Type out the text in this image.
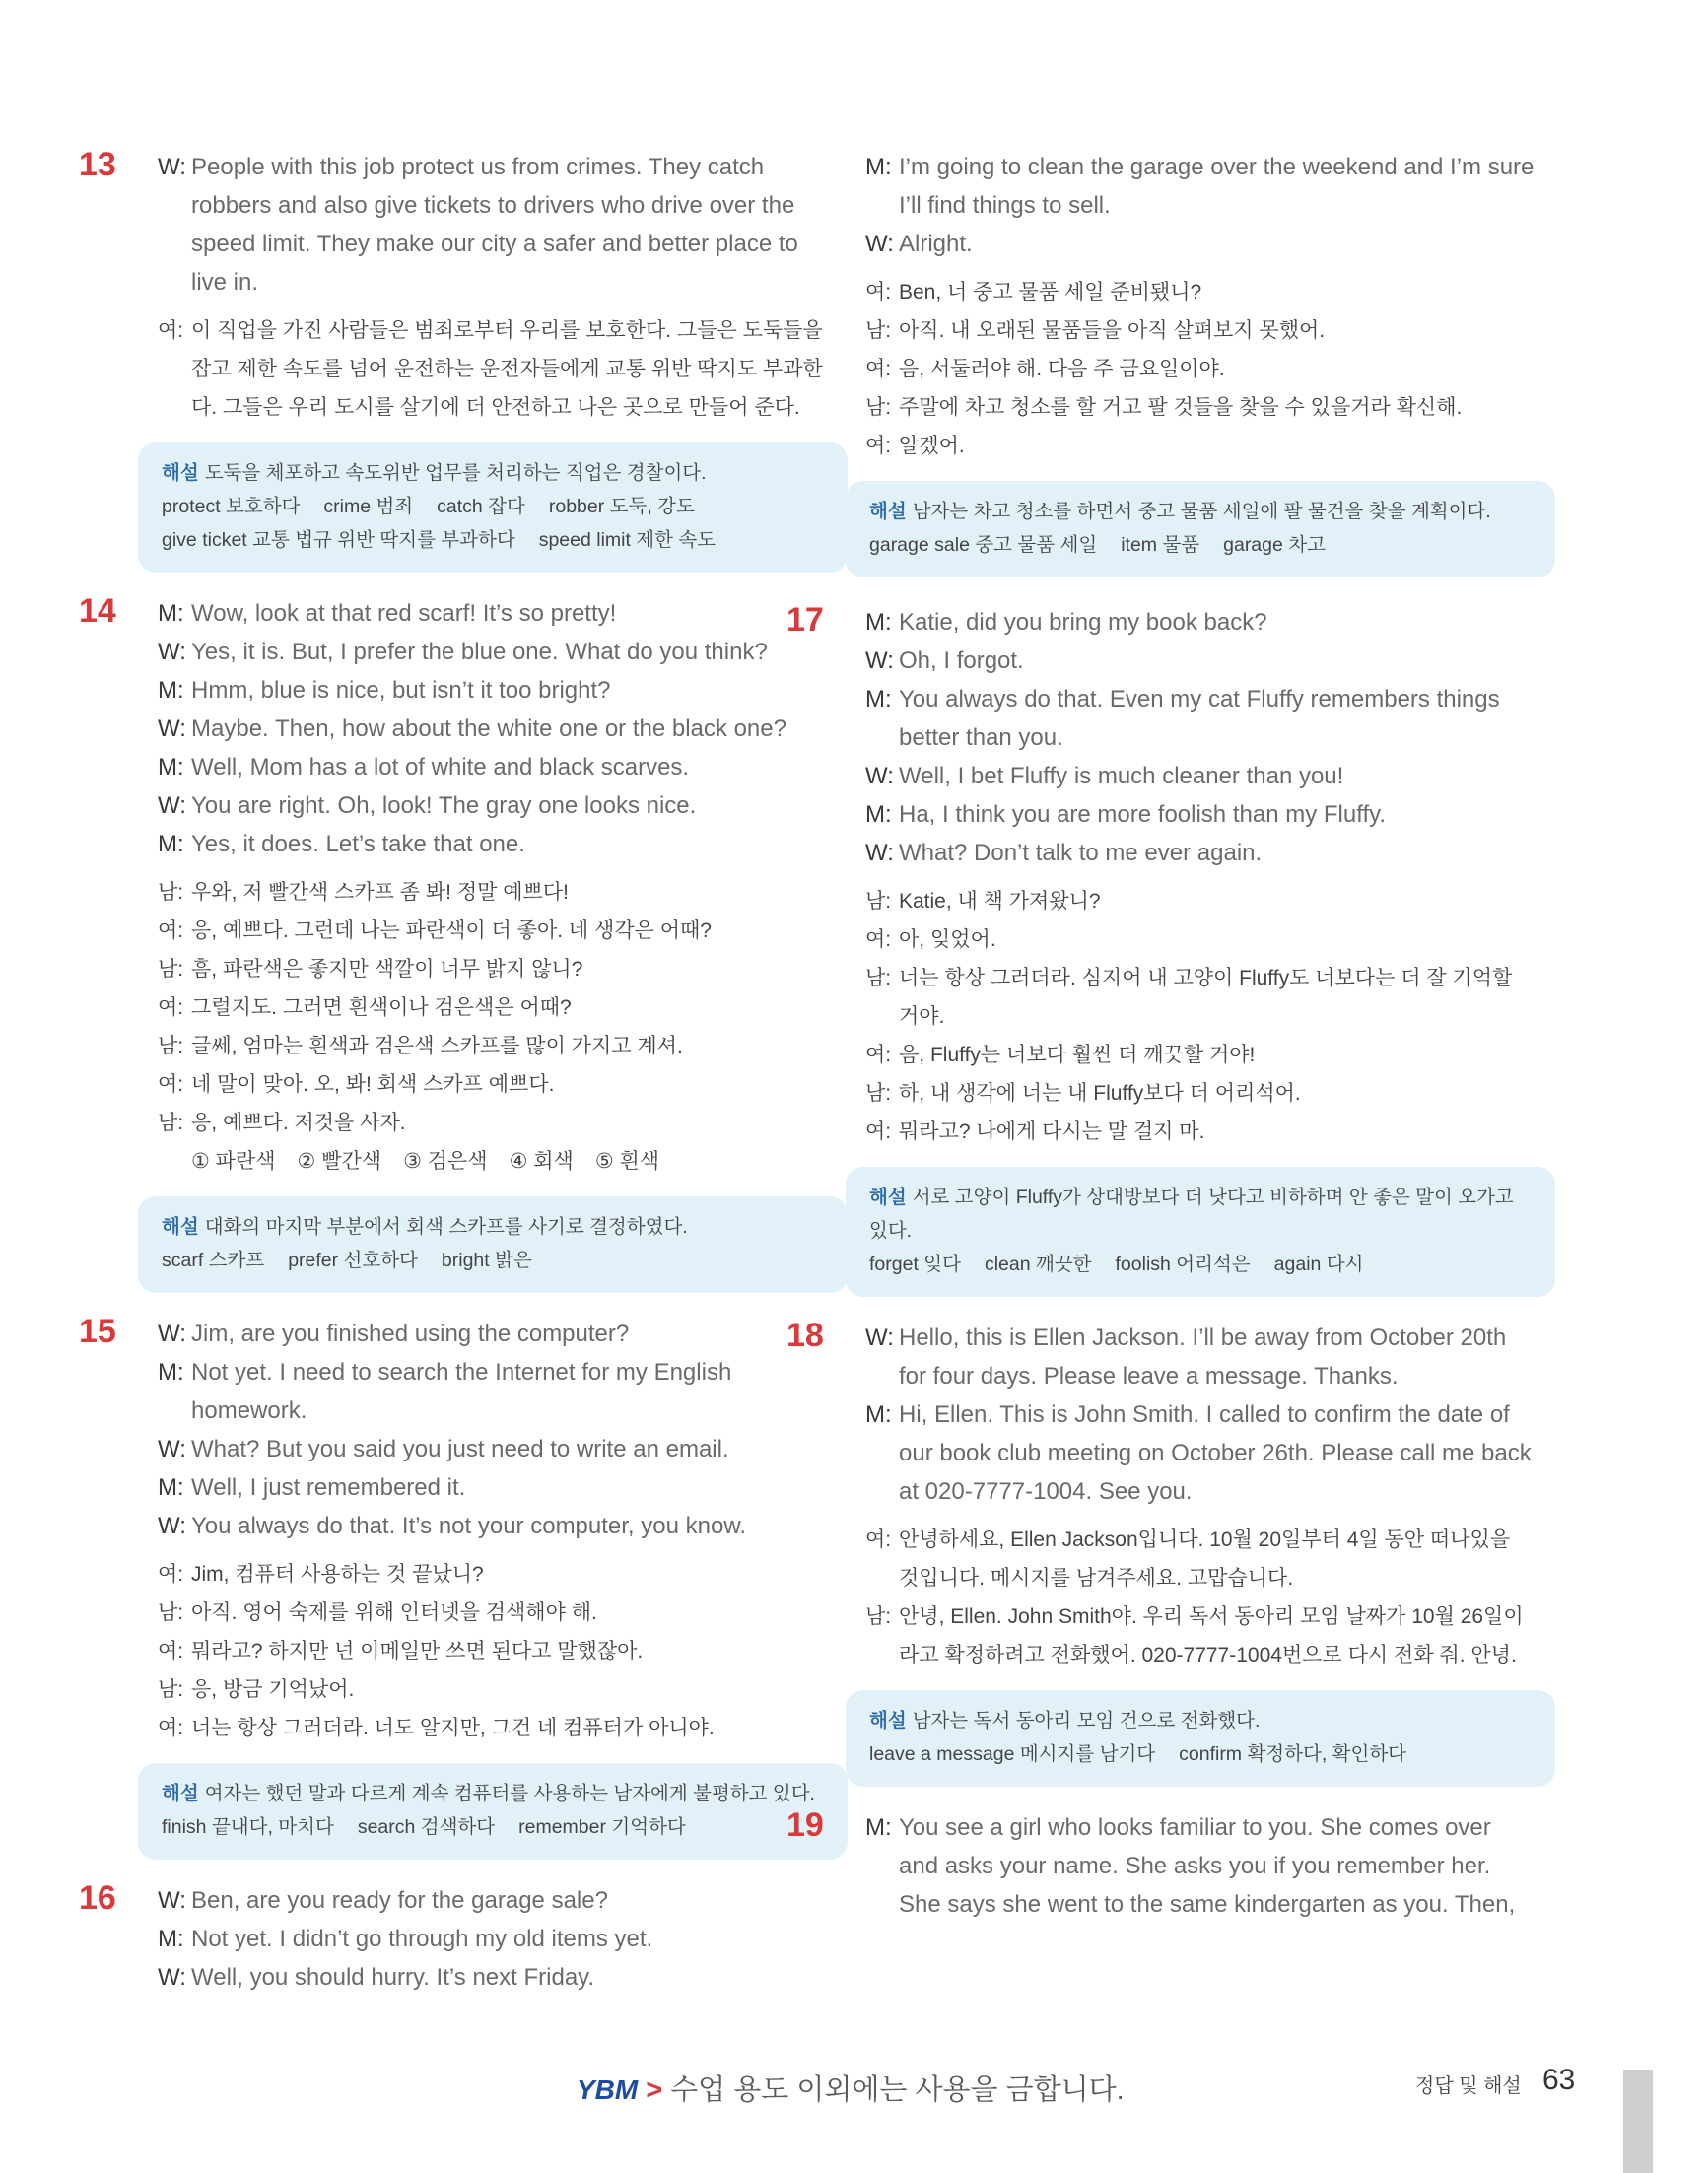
13	W: People with this job protect us from crimes. They catch robbers and also give tickets to drivers who drive over the speed limit. They make our city a safer and better place to live in.
여: 이 직업을 가진 사람들은 범죄로부터 우리를 보호한다. 그들은 도둑들을 잡고 제한 속도를 넘어 운전하는 운전자들에게 교통 위반 딱지도 부과한다. 그들은 우리 도시를 살기에 더 안전하고 나은 곳으로 만들어 준다.
해설 도둑을 체포하고 속도위반 업무를 처리하는 직업은 경찰이다.
protect 보호하다 crime 범죄 catch 잡다 robber 도둑, 강도
give ticket 교통 법규 위반 딱지를 부과하다 speed limit 제한 속도
14	M: Wow, look at that red scarf! It’s so pretty!
W: Yes, it is. But, I prefer the blue one. What do you think?
M: Hmm, blue is nice, but isn’t it too bright?
W: Maybe. Then, how about the white one or the black one?
M: Well, Mom has a lot of white and black scarves.
W: You are right. Oh, look! The gray one looks nice.
M: Yes, it does. Let’s take that one.
남: 우와, 저 빨간색 스카프 좀 봐! 정말 예쁘다!
여: 응, 예쁘다. 그런데 나는 파란색이 더 좋아. 네 생각은 어때?
남: 흠, 파란색은 좋지만 색깔이 너무 밝지 않니?
여: 그럴지도. 그러면 흰색이나 검은색은 어때?
남: 글쎄, 엄마는 흰색과 검은색 스카프를 많이 가지고 계셔.
여: 네 말이 맞아. 오, 봐! 회색 스카프 예쁘다.
남: 응, 예쁘다. 저것을 사자.
① 파란색 ② 빨간색 ③ 검은색 ④ 회색 ⑤ 흰색
해설 대화의 마지막 부분에서 회색 스카프를 사기로 결정하였다.
scarf 스카프 prefer 선호하다 bright 밝은
15	W: Jim, are you finished using the computer?
M: Not yet. I need to search the Internet for my English homework.
W: What? But you said you just need to write an email.
M: Well, I just remembered it.
W: You always do that. It’s not your computer, you know.
여: Jim, 컴퓨터 사용하는 것 끝났니?
남: 아직. 영어 숙제를 위해 인터넷을 검색해야 해.
여: 뭐라고? 하지만 넌 이메일만 쓰면 된다고 말했잖아.
남: 응, 방금 기억났어.
여: 너는 항상 그러더라. 너도 알지만, 그건 네 컴퓨터가 아니야.
해설 여자는 했던 말과 다르게 계속 컴퓨터를 사용하는 남자에게 불평하고 있다.
finish 끝내다, 마치다 search 검색하다 remember 기억하다
16	W: Ben, are you ready for the garage sale?
M: Not yet. I didn’t go through my old items yet.
W: Well, you should hurry. It’s next Friday.
M: I’m going to clean the garage over the weekend and I’m sure I’ll find things to sell.
W: Alright.
여: Ben, 너 중고 물품 세일 준비됐니?
남: 아직. 내 오래된 물품들을 아직 살펴보지 못했어.
여: 음, 서둘러야 해. 다음 주 금요일이야.
남: 주말에 차고 청소를 할 거고 팔 것들을 찾을 수 있을거라 확신해.
여: 알겠어.
해설 남자는 차고 청소를 하면서 중고 물품 세일에 팔 물건을 찾을 계획이다.
garage sale 중고 물품 세일 item 물품 garage 차고
17	M: Katie, did you bring my book back?
W: Oh, I forgot.
M: You always do that. Even my cat Fluffy remembers things better than you.
W: Well, I bet Fluffy is much cleaner than you!
M: Ha, I think you are more foolish than my Fluffy.
W: What? Don’t talk to me ever again.
남: Katie, 내 책 가져왔니?
여: 아, 잊었어.
남: 너는 항상 그러더라. 심지어 내 고양이 Fluffy도 너보다는 더 잘 기억할 거야.
여: 음, Fluffy는 너보다 훨씬 더 깨끗할 거야!
남: 하, 내 생각에 너는 내 Fluffy보다 더 어리석어.
여: 뭐라고? 나에게 다시는 말 걸지 마.
해설 서로 고양이 Fluffy가 상대방보다 더 낫다고 비하하며 안 좋은 말이 오가고 있다.
forget 잊다 clean 깨끗한 foolish 어리석은 again 다시
18	W: Hello, this is Ellen Jackson. I’ll be away from October 20th for four days. Please leave a message. Thanks.
M: Hi, Ellen. This is John Smith. I called to confirm the date of our book club meeting on October 26th. Please call me back at 020-7777-1004. See you.
여: 안녕하세요, Ellen Jackson입니다. 10월 20일부터 4일 동안 떠나있을 것입니다. 메시지를 남겨주세요. 고맙습니다.
남: 안녕, Ellen. John Smith야. 우리 독서 동아리 모임 날짜가 10월 26일이라고 확정하려고 전화했어. 020-7777-1004번으로 다시 전화 줘. 안녕.
해설 남자는 독서 동아리 모임 건으로 전화했다.
leave a message 메시지를 남기다 confirm 확정하다, 확인하다
19	M: You see a girl who looks familiar to you. She comes over and asks your name. She asks you if you remember her. She says she went to the same kindergarten as you. Then,
YBM > 수업 용도 이외에는 사용을 금합니다.	정답 및 해설 63
